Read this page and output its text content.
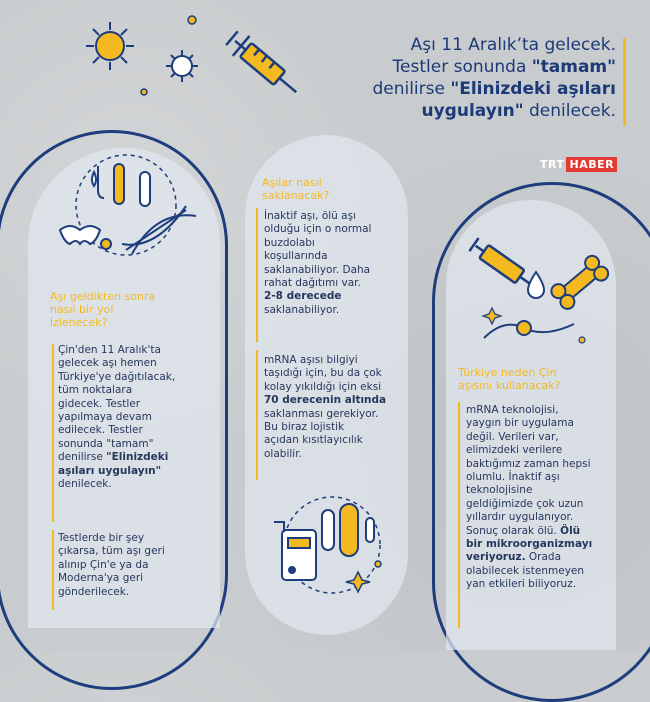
Aşı 11 Aralık’ta gelecek.
Testler sonunda "tamam"
denilirse "Elinizdeki aşıları
uygulayın" denilecek.
TRT HABER
Aşı geldikten sonra
nasıl bir yol
izlenecek?
Çin'den 11 Aralık'ta
gelecek aşı hemen
Türkiye'ye dağıtılacak,
tüm noktalara
gidecek. Testler
yapılmaya devam
edilecek. Testler
sonunda "tamam"
denilirse "Elinizdeki
aşıları uygulayın"
denilecek.
Testlerde bir şey
çıkarsa, tüm aşı geri
alınıp Çin'e ya da
Moderna'ya geri
gönderilecek.
Aşılar nasıl
saklanacak?
İnaktif aşı, ölü aşı
olduğu için o normal
buzdolabı
koşullarında
saklanabiliyor. Daha
rahat dağıtımı var.
2-8 derecede
saklanabiliyor.
mRNA aşısı bilgiyi
taşıdığı için, bu da çok
kolay yıkıldığı için eksi
70 derecenin altında
saklanması gerekiyor.
Bu biraz lojistik
açıdan kısıtlayıcılık
olabilir.
Türkiye neden Çin
aşısını kullanacak?
mRNA teknolojisi,
yaygın bir uygulama
değil. Verileri var,
elimizdeki verilere
baktığımız zaman hepsi
olumlu. İnaktif aşı
teknolojisine
geldiğimizde çok uzun
yıllardır uygulanıyor.
Sonuç olarak ölü. Ölü
bir mikroorganizmayı
veriyoruz. Orada
olabilecek istenmeyen
yan etkileri biliyoruz.
